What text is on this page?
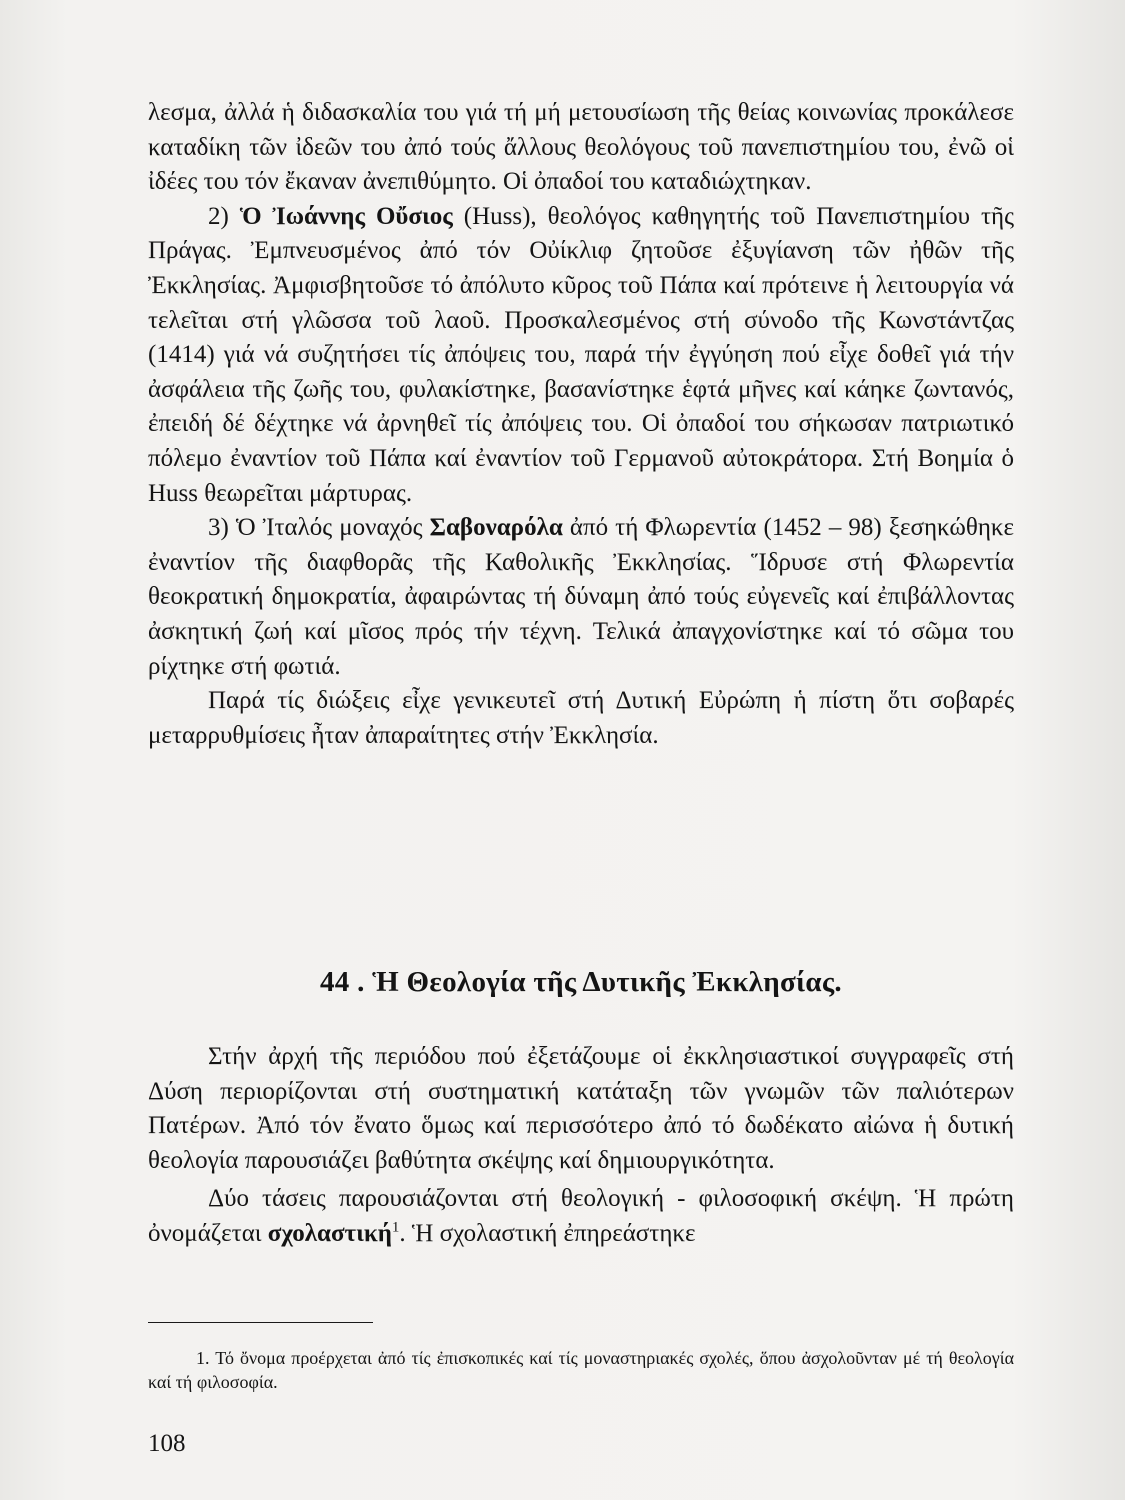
λεσμα, ἀλλά ἡ διδασκαλία του γιά τή μή μετουσίωση τῆς θείας κοινωνίας προκάλεσε καταδίκη τῶν ἰδεῶν του ἀπό τούς ἄλλους θεολόγους τοῦ πανεπιστημίου του, ἐνῶ οἱ ἰδέες του τόν ἔκαναν ἀνεπιθύμητο. Οἱ ὀπαδοί του καταδιώχτηκαν.

2) Ὁ Ἰωάννης Οὔσιος (Huss), θεολόγος καθηγητής τοῦ Πανεπιστημίου τῆς Πράγας. Ἐμπνευσμένος ἀπό τόν Οὐίκλιφ ζητοῦσε ἐξυγίανση τῶν ἠθῶν τῆς Ἐκκλησίας. Ἀμφισβητοῦσε τό ἀπόλυτο κῦρος τοῦ Πάπα καί πρότεινε ἡ λειτουργία νά τελεῖται στή γλῶσσα τοῦ λαοῦ. Προσκαλεσμένος στή σύνοδο τῆς Κωνστάντζας (1414) γιά νά συζητήσει τίς ἀπόψεις του, παρά τήν ἐγγύηση πού εἶχε δοθεῖ γιά τήν ἀσφάλεια τῆς ζωῆς του, φυλακίστηκε, βασανίστηκε ἑφτά μῆνες καί κάηκε ζωντανός, ἐπειδή δέ δέχτηκε νά ἀρνηθεῖ τίς ἀπόψεις του. Οἱ ὀπαδοί του σήκωσαν πατριωτικό πόλεμο ἐναντίον τοῦ Πάπα καί ἐναντίον τοῦ Γερμανοῦ αὐτοκράτορα. Στή Βοημία ὁ Huss θεωρεῖται μάρτυρας.

3) Ὁ Ἰταλός μοναχός Σαβοναρόλα ἀπό τή Φλωρεντία (1452 – 98) ξεσηκώθηκε ἐναντίον τῆς διαφθορᾶς τῆς Καθολικῆς Ἐκκλησίας. Ἵδρυσε στή Φλωρεντία θεοκρατική δημοκρατία, ἀφαιρώντας τή δύναμη ἀπό τούς εὐγενεῖς καί ἐπιβάλλοντας ἀσκητική ζωή καί μῖσος πρός τήν τέχνη. Τελικά ἀπαγχονίστηκε καί τό σῶμα του ρίχτηκε στή φωτιά.

Παρά τίς διώξεις εἶχε γενικευτεῖ στή Δυτική Εὐρώπη ἡ πίστη ὅτι σοβαρές μεταρρυθμίσεις ἦταν ἀπαραίτητες στήν Ἐκκλησία.

44 . Ἡ Θεολογία τῆς Δυτικῆς Ἐκκλησίας.

Στήν ἀρχή τῆς περιόδου πού ἐξετάζουμε οἱ ἐκκλησιαστικοί συγγραφεῖς στή Δύση περιορίζονται στή συστηματική κατάταξη τῶν γνωμῶν τῶν παλιότερων Πατέρων. Ἀπό τόν ἔνατο ὅμως καί περισσότερο ἀπό τό δωδέκατο αἰώνα ἡ δυτική θεολογία παρουσιάζει βαθύτητα σκέψης καί δημιουργικότητα.

Δύο τάσεις παρουσιάζονται στή θεολογική - φιλοσοφική σκέψη. Ἡ πρώτη ὀνομάζεται σχολαστική$^1$. Ἡ σχολαστική ἐπηρεάστηκε

1. Τό ὄνομα προέρχεται ἀπό τίς ἐπισκοπικές καί τίς μοναστηριακές σχολές, ὅπου ἀσχολοῦνταν μέ τή θεολογία καί τή φιλοσοφία.

108
